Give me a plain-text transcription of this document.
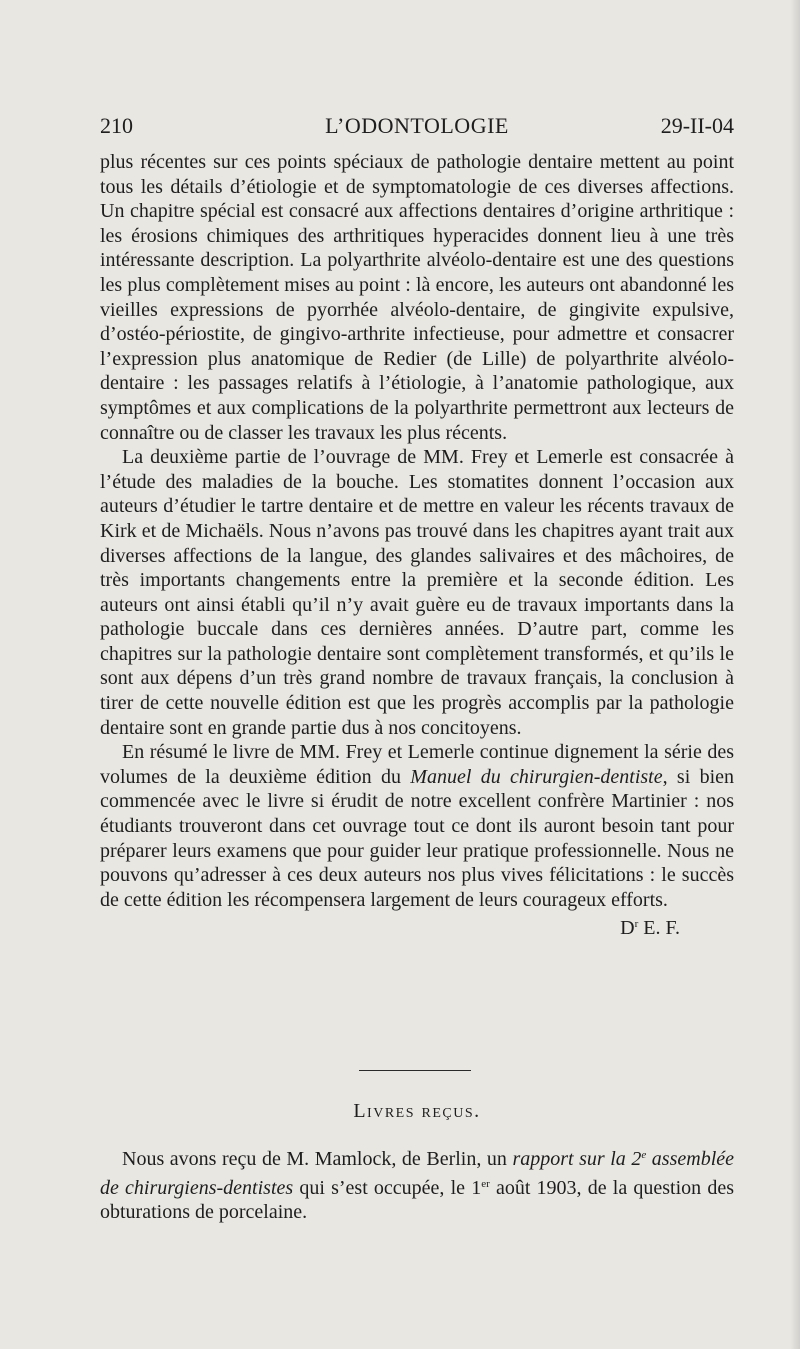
210	L’ODONTOLOGIE	29-II-04

plus récentes sur ces points spéciaux de pathologie dentaire mettent au point tous les détails d’étiologie et de symptomatologie de ces diverses affections. Un chapitre spécial est consacré aux affections dentaires d’origine arthritique : les érosions chimiques des arthritiques hyperacides donnent lieu à une très intéressante description. La polyarthrite alvéolo-dentaire est une des questions les plus complètement mises au point : là encore, les auteurs ont abandonné les vieilles expressions de pyorrhée alvéolo-dentaire, de gingivite expulsive, d’ostéo-périostite, de gingivo-arthrite infectieuse, pour admettre et consacrer l’expression plus anatomique de Redier (de Lille) de polyarthrite alvéolo-dentaire : les passages relatifs à l’étiologie, à l’anatomie pathologique, aux symptômes et aux complications de la polyarthrite permettront aux lecteurs de connaître ou de classer les travaux les plus récents.

La deuxième partie de l’ouvrage de MM. Frey et Lemerle est consacrée à l’étude des maladies de la bouche. Les stomatites donnent l’occasion aux auteurs d’étudier le tartre dentaire et de mettre en valeur les récents travaux de Kirk et de Michaëls. Nous n’avons pas trouvé dans les chapitres ayant trait aux diverses affections de la langue, des glandes salivaires et des mâchoires, de très importants changements entre la première et la seconde édition. Les auteurs ont ainsi établi qu’il n’y avait guère eu de travaux importants dans la pathologie buccale dans ces dernières années. D’autre part, comme les chapitres sur la pathologie dentaire sont complètement transformés, et qu’ils le sont aux dépens d’un très grand nombre de travaux français, la conclusion à tirer de cette nouvelle édition est que les progrès accomplis par la pathologie dentaire sont en grande partie dus à nos concitoyens.

En résumé le livre de MM. Frey et Lemerle continue dignement la série des volumes de la deuxième édition du Manuel du chirurgien-dentiste, si bien commencée avec le livre si érudit de notre excellent confrère Martinier : nos étudiants trouveront dans cet ouvrage tout ce dont ils auront besoin tant pour préparer leurs examens que pour guider leur pratique professionnelle. Nous ne pouvons qu’adresser à ces deux auteurs nos plus vives félicitations : le succès de cette édition les récompensera largement de leurs courageux efforts.

$D^r$ E. F.

Livres reçus.

Nous avons reçu de M. Mamlock, de Berlin, un rapport sur la 2e assemblée de chirurgiens-dentistes qui s’est occupée, le 1er août 1903, de la question des obturations de porcelaine.
